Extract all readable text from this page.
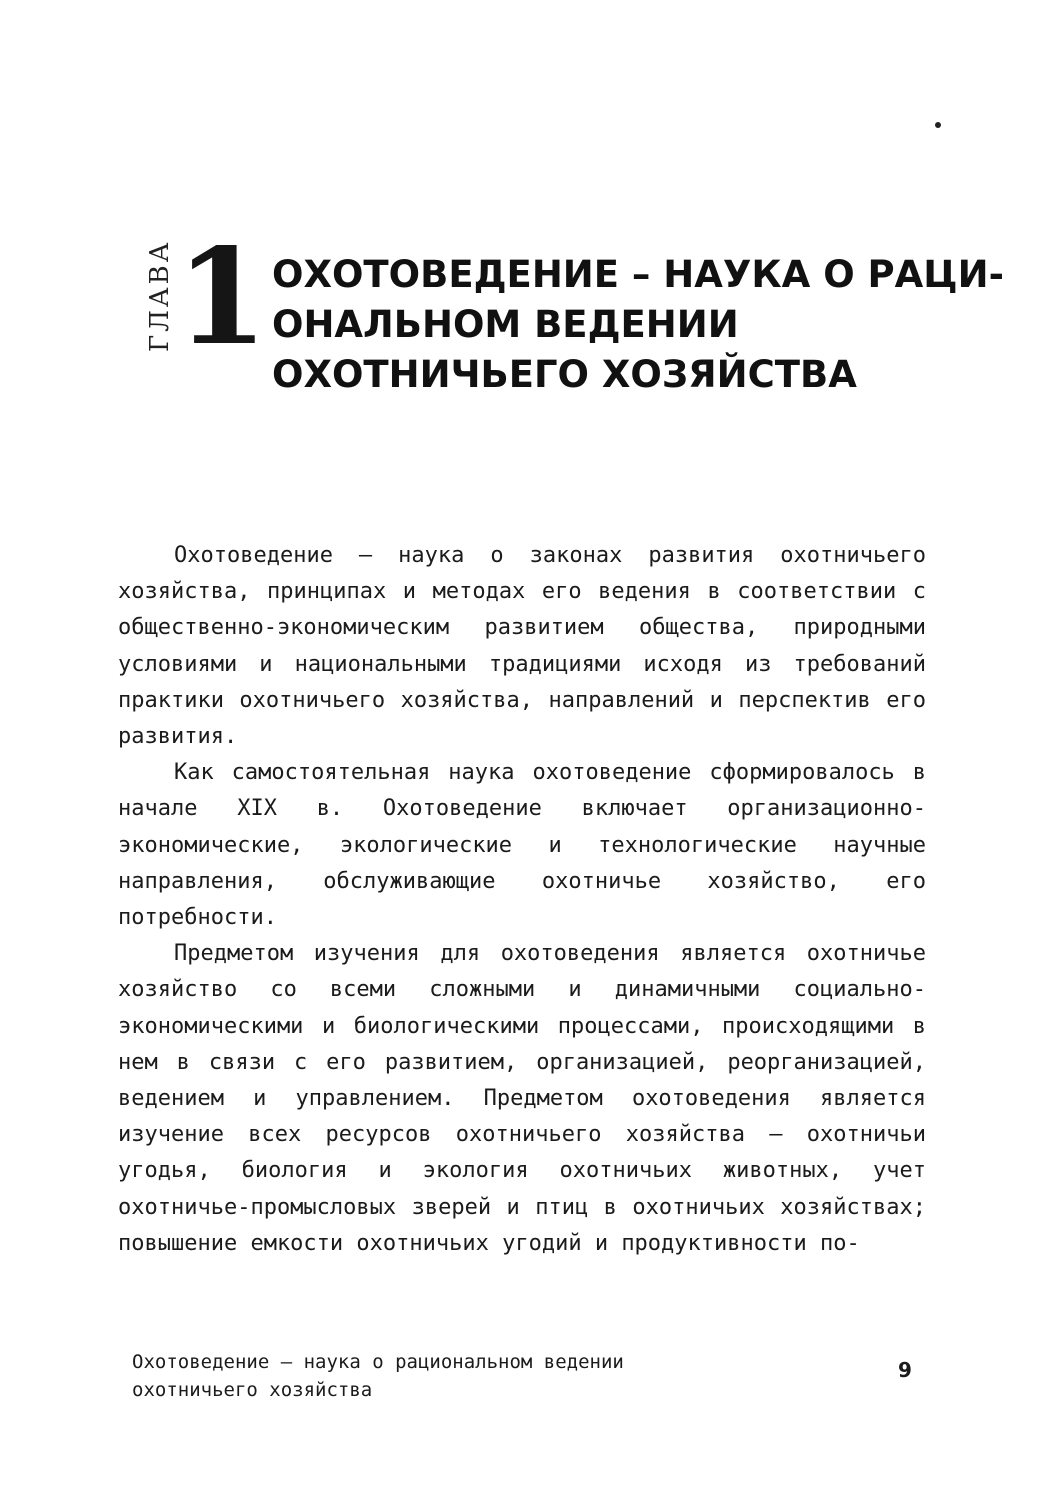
ГЛАВА 1 ОХОТОВЕДЕНИЕ – НАУКА О РАЦИ-
ОНАЛЬНОМ ВЕДЕНИИ
ОХОТНИЧЬЕГО ХОЗЯЙСТВА

Охотоведение – наука о законах развития охотничьего хозяйства, принципах и методах его ведения в соответствии с общественно-экономическим развитием общества, природными условиями и национальными традициями исходя из требований практики охотничьего хозяйства, направлений и перспектив его развития.

Как самостоятельная наука охотоведение сформировалось в начале XIX в. Охотоведение включает организационно-экономические, экологические и технологические научные направления, обслуживающие охотничье хозяйство, его потребности.

Предметом изучения для охотоведения является охотничье хозяйство со всеми сложными и динамичными социально-экономическими и биологическими процессами, происходящими в нем в связи с его развитием, организацией, реорганизацией, ведением и управлением. Предметом охотоведения является изучение всех ресурсов охотничьего хозяйства – охотничьи угодья, биология и экология охотничьих животных, учет охотничье-промысловых зверей и птиц в охотничьих хозяйствах; повышение емкости охотничьих угодий и продуктивности по-

Охотоведение – наука о рациональном ведении
охотничьего хозяйства
9
